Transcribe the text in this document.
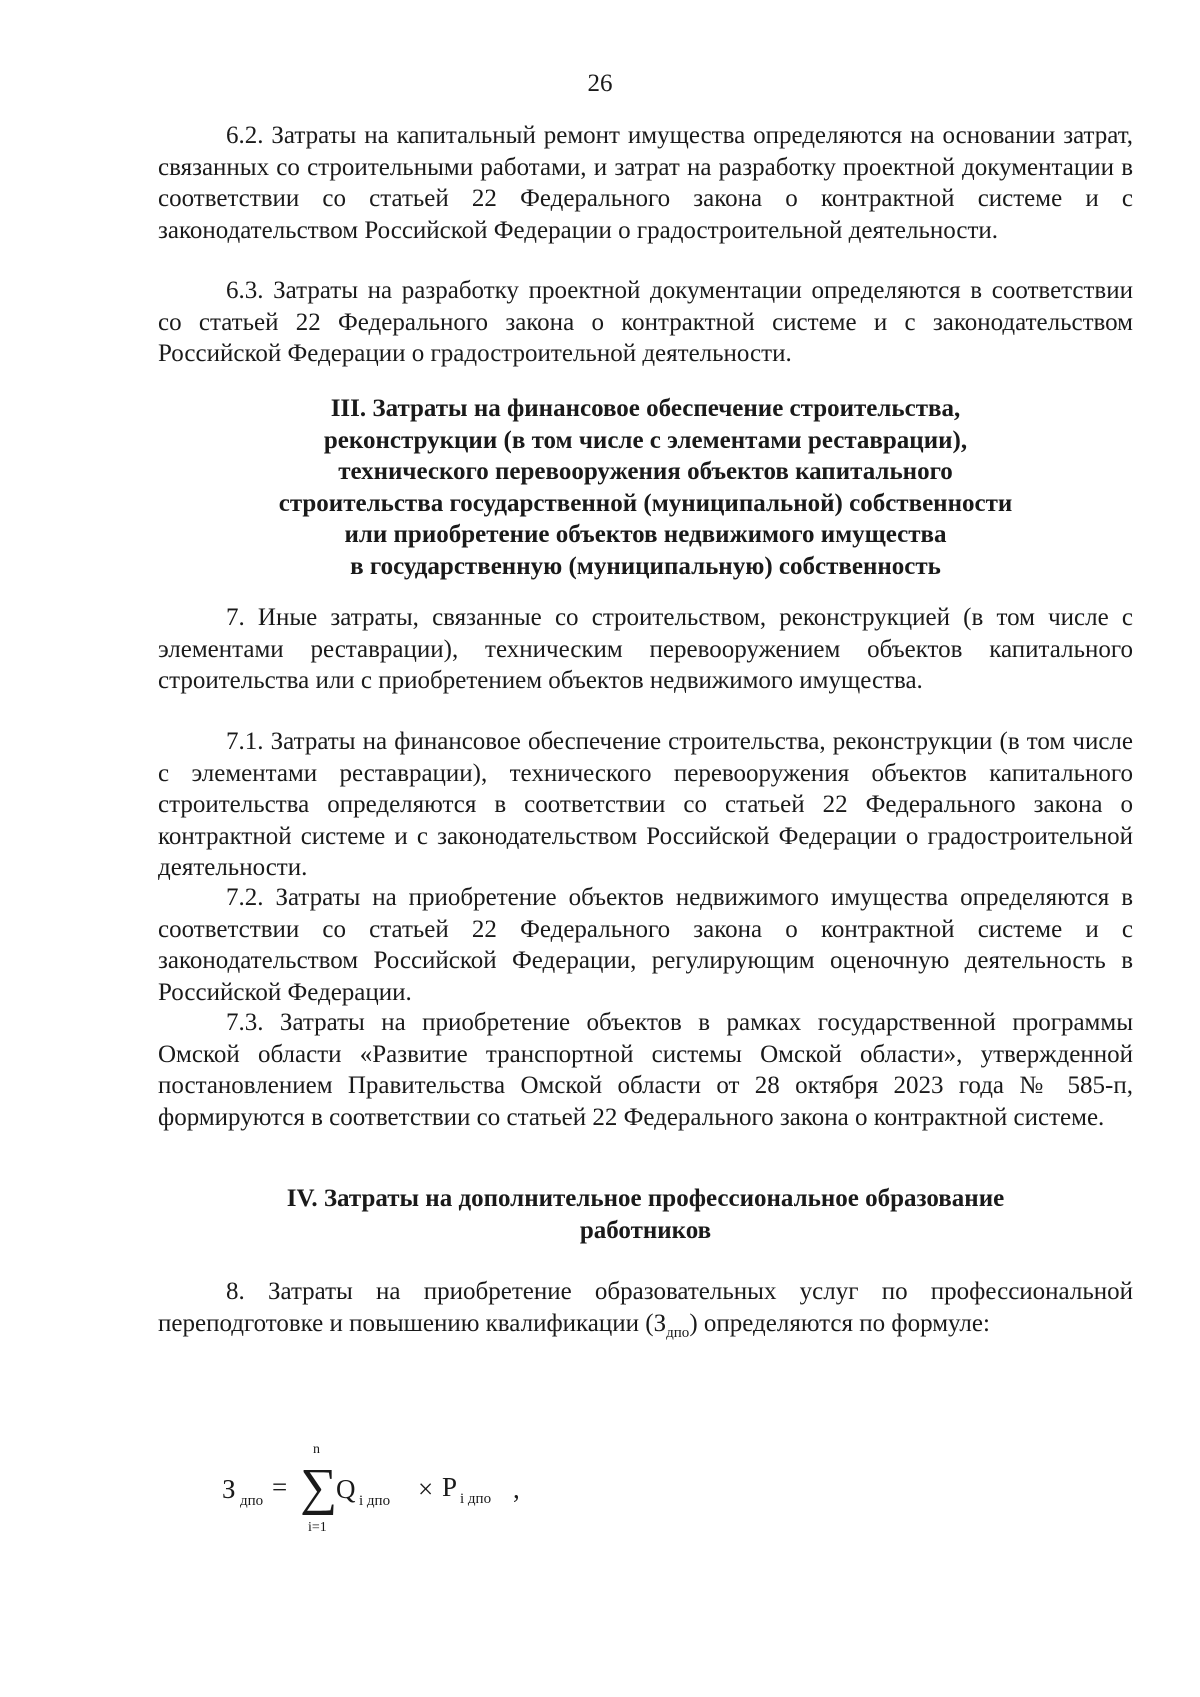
26

6.2. Затраты на капитальный ремонт имущества определяются на основании затрат, связанных со строительными работами, и затрат на разработку проектной документации в соответствии со статьей 22 Федерального закона о контрактной системе и с законодательством Российской Федерации о градостроительной деятельности.

6.3. Затраты на разработку проектной документации определяются в соответствии со статьей 22 Федерального закона о контрактной системе и с законодательством Российской Федерации о градостроительной деятельности.

III. Затраты на финансовое обеспечение строительства,
реконструкции (в том числе с элементами реставрации),
технического перевооружения объектов капитального
строительства государственной (муниципальной) собственности
или приобретение объектов недвижимого имущества
в государственную (муниципальную) собственность

7. Иные затраты, связанные со строительством, реконструкцией (в том числе с элементами реставрации), техническим перевооружением объектов капитального строительства или с приобретением объектов недвижимого имущества.

7.1. Затраты на финансовое обеспечение строительства, реконструкции (в том числе с элементами реставрации), технического перевооружения объектов капитального строительства определяются в соответствии со статьей 22 Федерального закона о контрактной системе и с законодательством Российской Федерации о градостроительной деятельности.

7.2. Затраты на приобретение объектов недвижимого имущества определяются в соответствии со статьей 22 Федерального закона о контрактной системе и с законодательством Российской Федерации, регулирующим оценочную деятельность в Российской Федерации.

7.3. Затраты на приобретение объектов в рамках государственной программы Омской области «Развитие транспортной системы Омской области», утвержденной постановлением Правительства Омской области от 28 октября 2023 года № 585-п, формируются в соответствии со статьей 22 Федерального закона о контрактной системе.

IV. Затраты на дополнительное профессиональное образование
работников

8. Затраты на приобретение образовательных услуг по профессиональной переподготовке и повышению квалификации $(З_{дпо})$ определяются по формуле:

З дпо =
n
∑
i=1
Q i дпо × P i дпо ,
